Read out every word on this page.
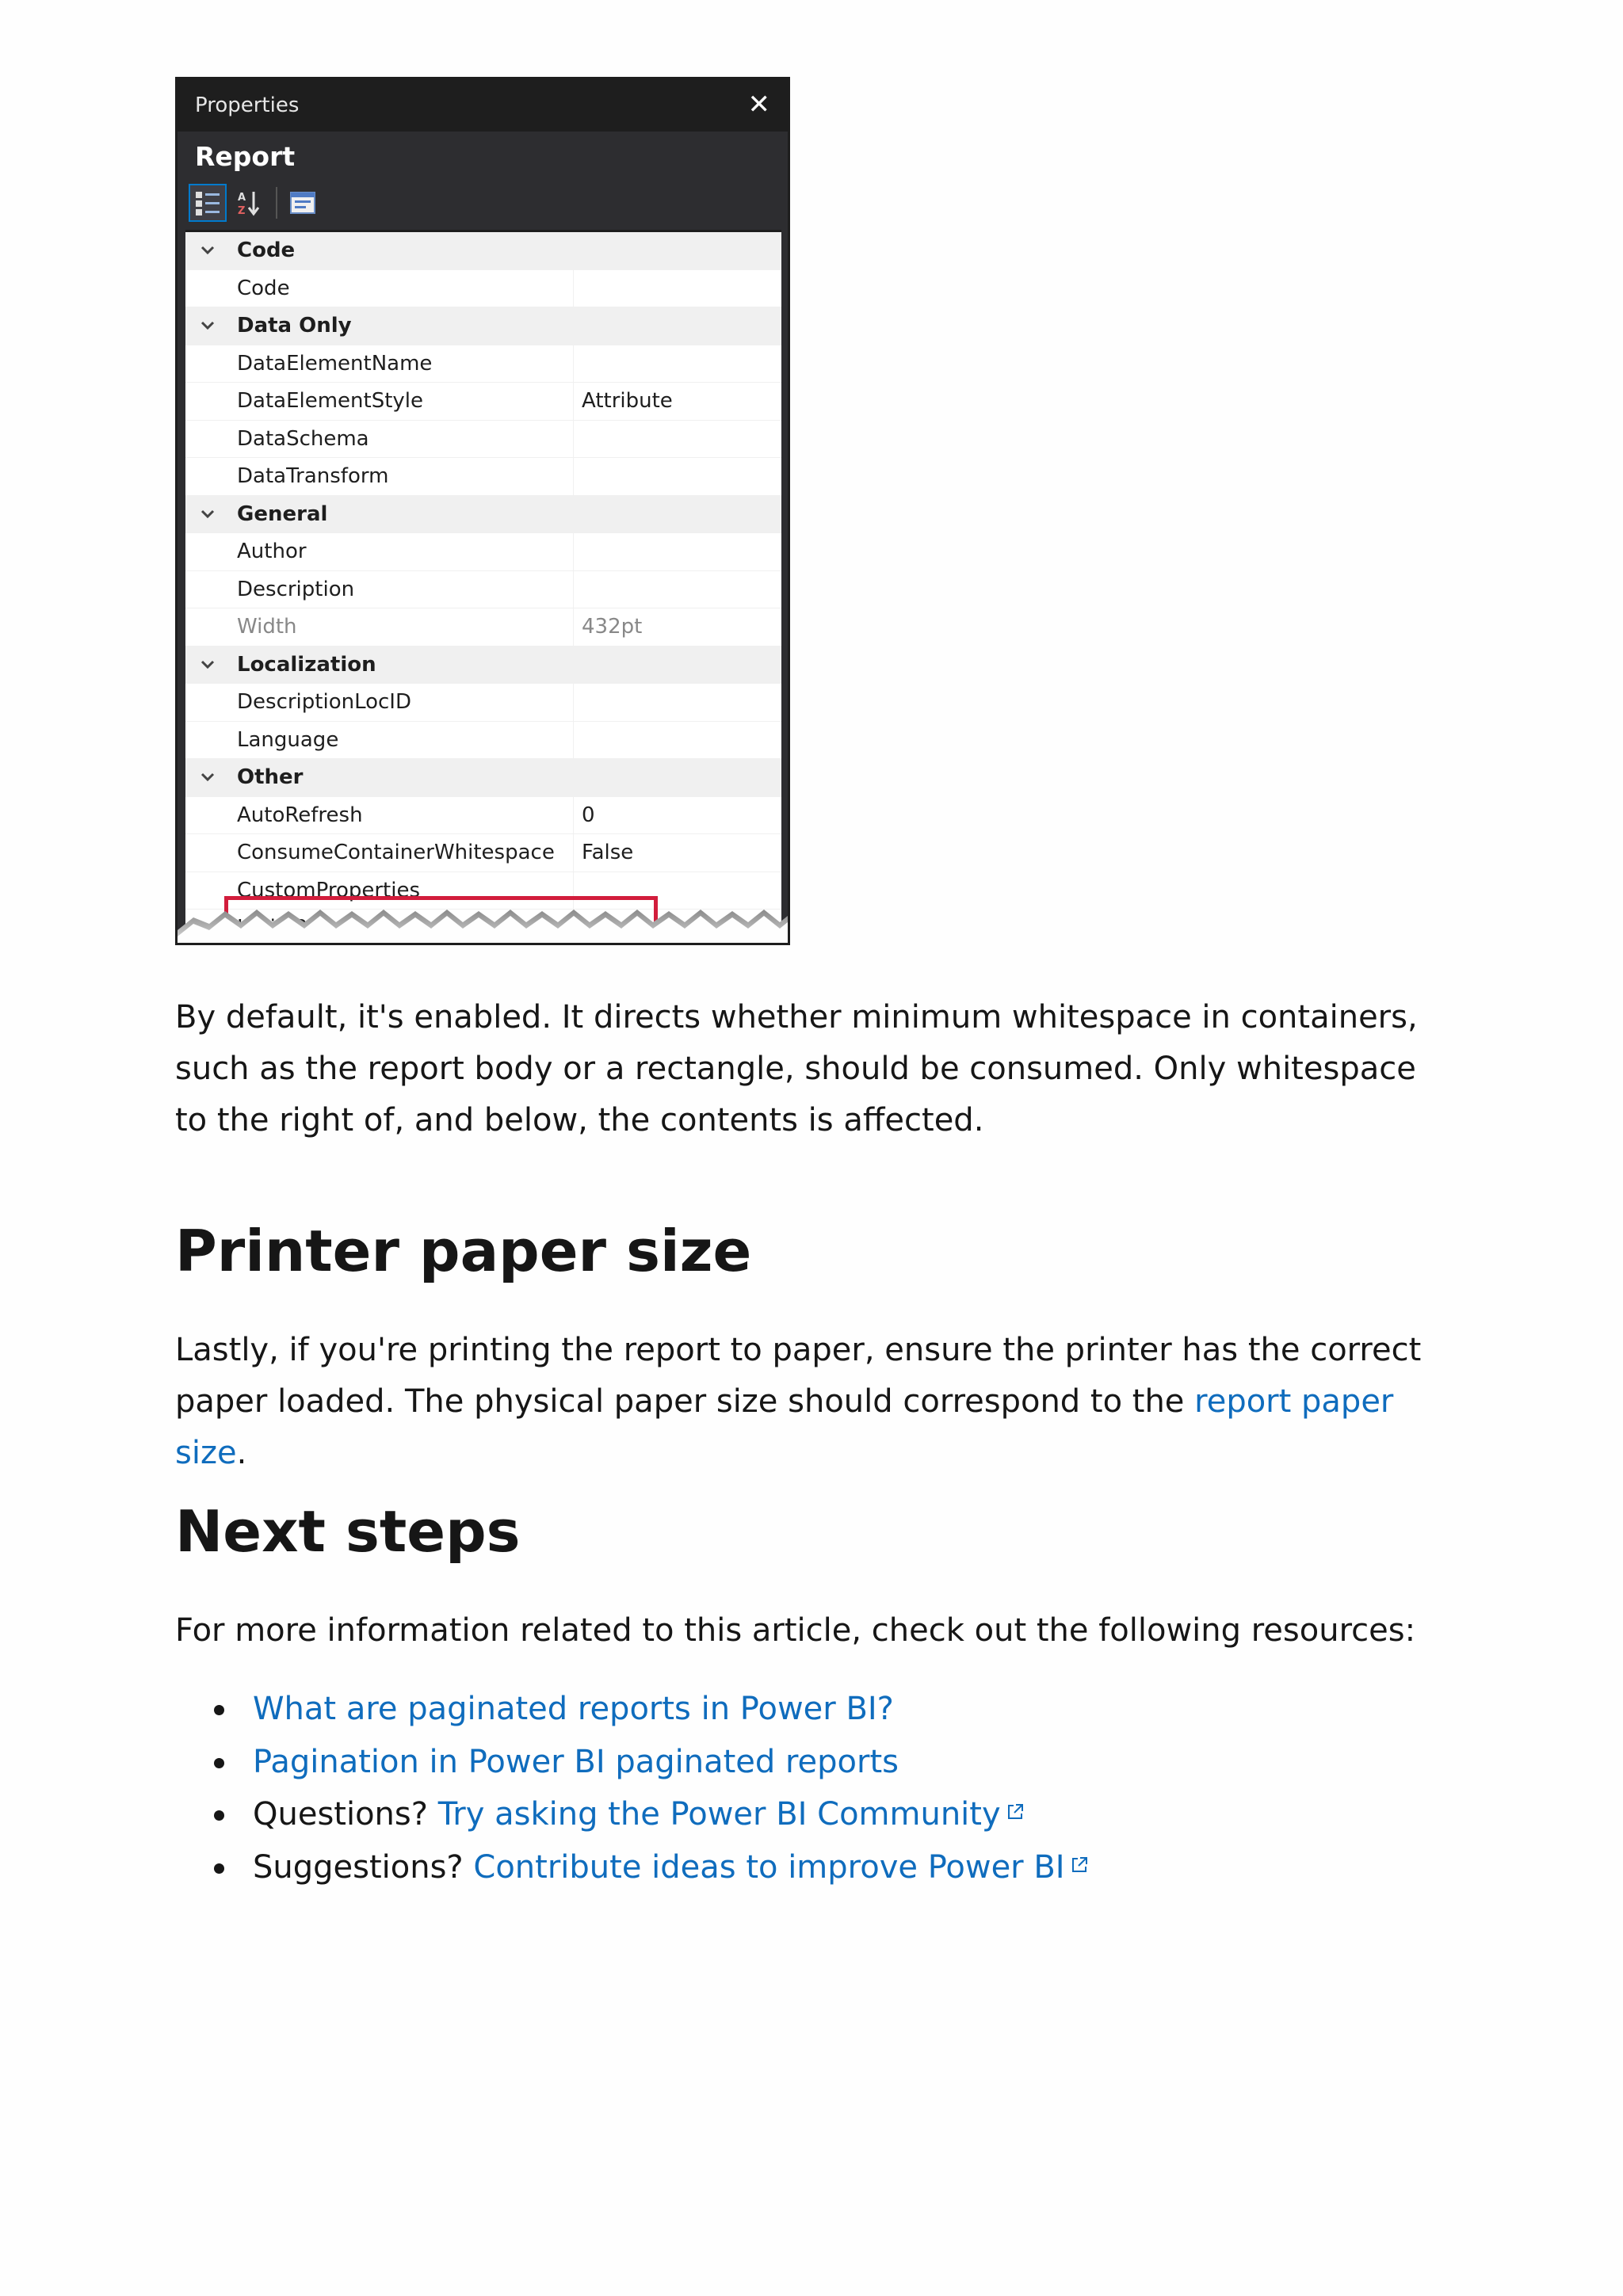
Properties	✕
Report
A
Z
Code
Code
Data Only
DataElementName
DataElementStyle	Attribute
DataSchema
DataTransform
General
Author
Description
Width	432pt
Localization
DescriptionLocID
Language
Other
AutoRefresh	0
ConsumeContainerWhitespace	False
CustomProperties

By default, it's enabled. It directs whether minimum whitespace in containers, such as the report body or a rectangle, should be consumed. Only whitespace to the right of, and below, the contents is affected.

Printer paper size

Lastly, if you're printing the report to paper, ensure the printer has the correct paper loaded. The physical paper size should correspond to the report paper size.

Next steps

For more information related to this article, check out the following resources:

What are paginated reports in Power BI?
Pagination in Power BI paginated reports
Questions? Try asking the Power BI Community
Suggestions? Contribute ideas to improve Power BI
